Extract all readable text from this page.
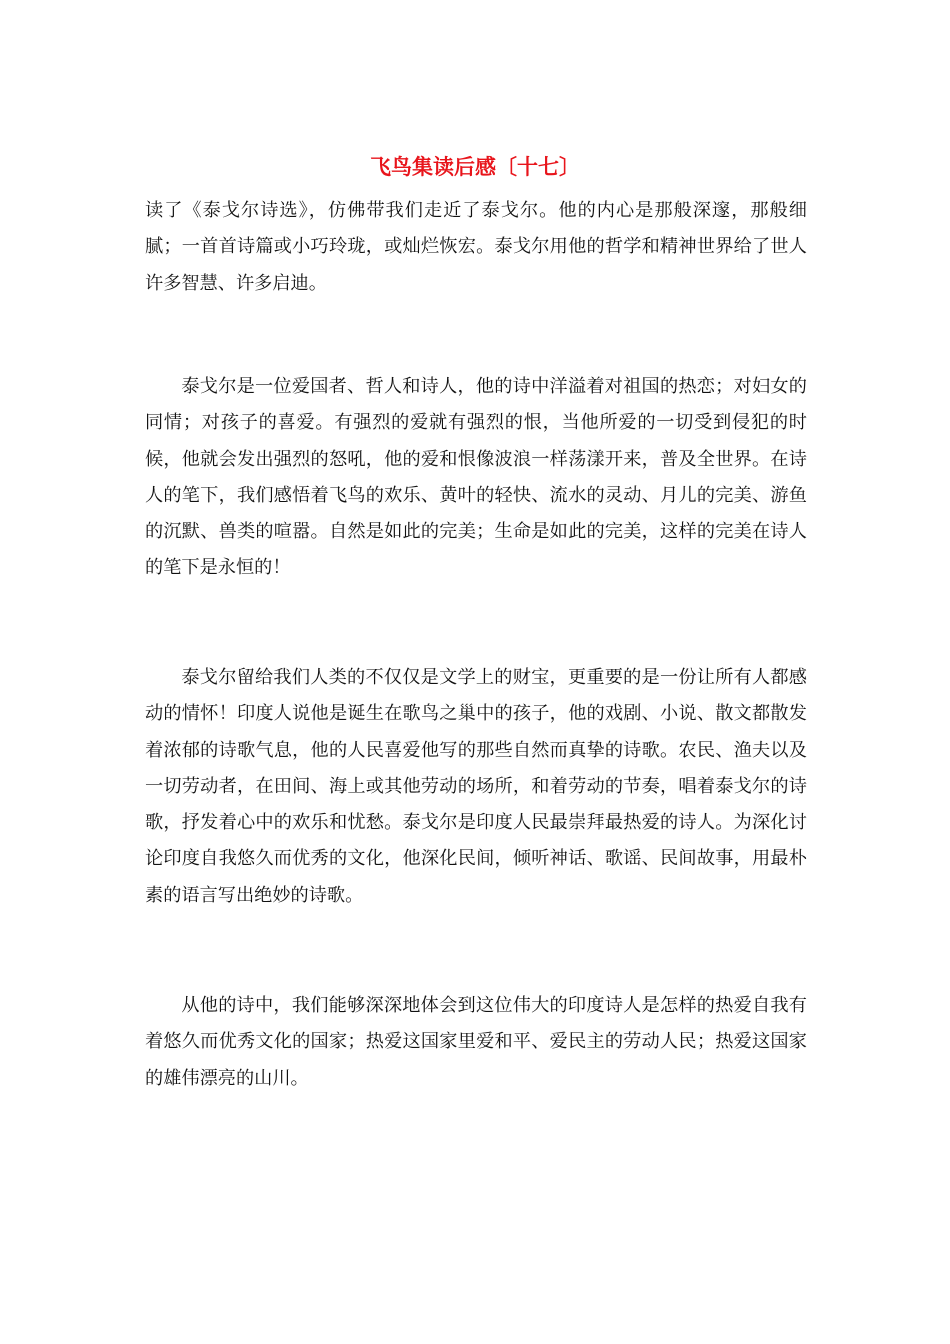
飞鸟集读后感〔十七〕

读了《泰戈尔诗选》，仿佛带我们走近了泰戈尔。他的内心是那般深邃，那般细腻；一首首诗篇或小巧玲珑，或灿烂恢宏。泰戈尔用他的哲学和精神世界给了世人许多智慧、许多启迪。

泰戈尔是一位爱国者、哲人和诗人，他的诗中洋溢着对祖国的热恋；对妇女的同情；对孩子的喜爱。有强烈的爱就有强烈的恨，当他所爱的一切受到侵犯的时候，他就会发出强烈的怒吼，他的爱和恨像波浪一样荡漾开来，普及全世界。在诗人的笔下，我们感悟着飞鸟的欢乐、黄叶的轻快、流水的灵动、月儿的完美、游鱼的沉默、兽类的喧嚣。自然是如此的完美；生命是如此的完美，这样的完美在诗人的笔下是永恒的！

泰戈尔留给我们人类的不仅仅是文学上的财宝，更重要的是一份让所有人都感动的情怀！印度人说他是诞生在歌鸟之巢中的孩子，他的戏剧、小说、散文都散发着浓郁的诗歌气息，他的人民喜爱他写的那些自然而真挚的诗歌。农民、渔夫以及一切劳动者，在田间、海上或其他劳动的场所，和着劳动的节奏，唱着泰戈尔的诗歌，抒发着心中的欢乐和忧愁。泰戈尔是印度人民最崇拜最热爱的诗人。为深化讨论印度自我悠久而优秀的文化，他深化民间，倾听神话、歌谣、民间故事，用最朴素的语言写出绝妙的诗歌。

从他的诗中，我们能够深深地体会到这位伟大的印度诗人是怎样的热爱自我有着悠久而优秀文化的国家；热爱这国家里爱和平、爱民主的劳动人民；热爱这国家的雄伟漂亮的山川。
